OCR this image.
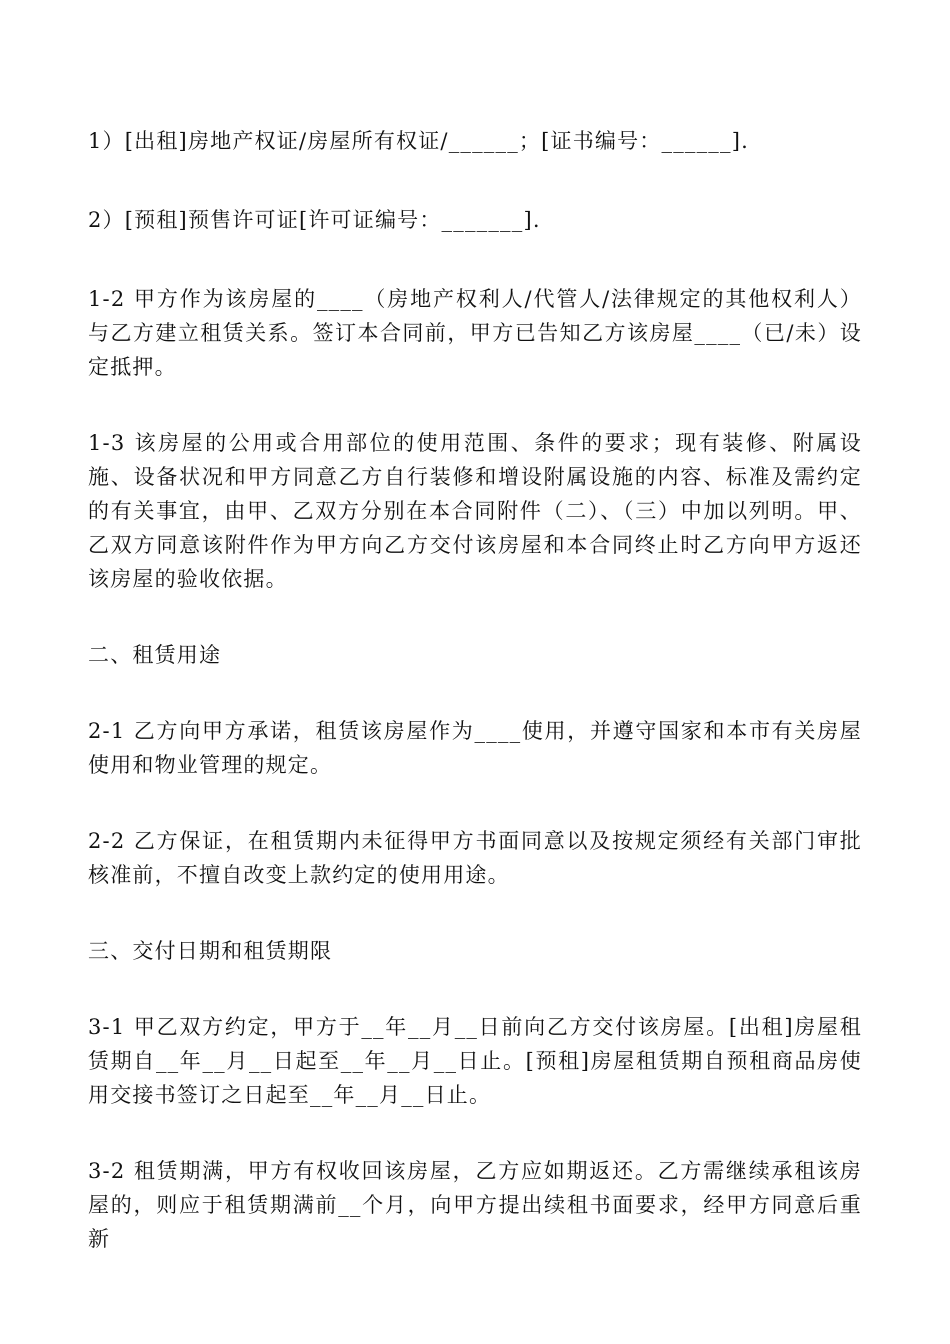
1）[出租]房地产权证/房屋所有权证/______；[证书编号：______].

2）[预租]预售许可证[许可证编号：_______].

1-2 甲方作为该房屋的____（房地产权利人/代管人/法律规定的其他权利人）与乙方建立租赁关系。签订本合同前，甲方已告知乙方该房屋____（已/未）设定抵押。

1-3 该房屋的公用或合用部位的使用范围、条件的要求；现有装修、附属设施、设备状况和甲方同意乙方自行装修和增设附属设施的内容、标准及需约定的有关事宜，由甲、乙双方分别在本合同附件（二）、（三）中加以列明。甲、乙双方同意该附件作为甲方向乙方交付该房屋和本合同终止时乙方向甲方返还该房屋的验收依据。

二、租赁用途

2-1 乙方向甲方承诺，租赁该房屋作为____使用，并遵守国家和本市有关房屋使用和物业管理的规定。

2-2 乙方保证，在租赁期内未征得甲方书面同意以及按规定须经有关部门审批核准前，不擅自改变上款约定的使用用途。

三、交付日期和租赁期限

3-1 甲乙双方约定，甲方于__年__月__日前向乙方交付该房屋。[出租]房屋租赁期自__年__月__日起至__年__月__日止。[预租]房屋租赁期自预租商品房使用交接书签订之日起至__年__月__日止。

3-2 租赁期满，甲方有权收回该房屋，乙方应如期返还。乙方需继续承租该房屋的，则应于租赁期满前__个月，向甲方提出续租书面要求，经甲方同意后重新
